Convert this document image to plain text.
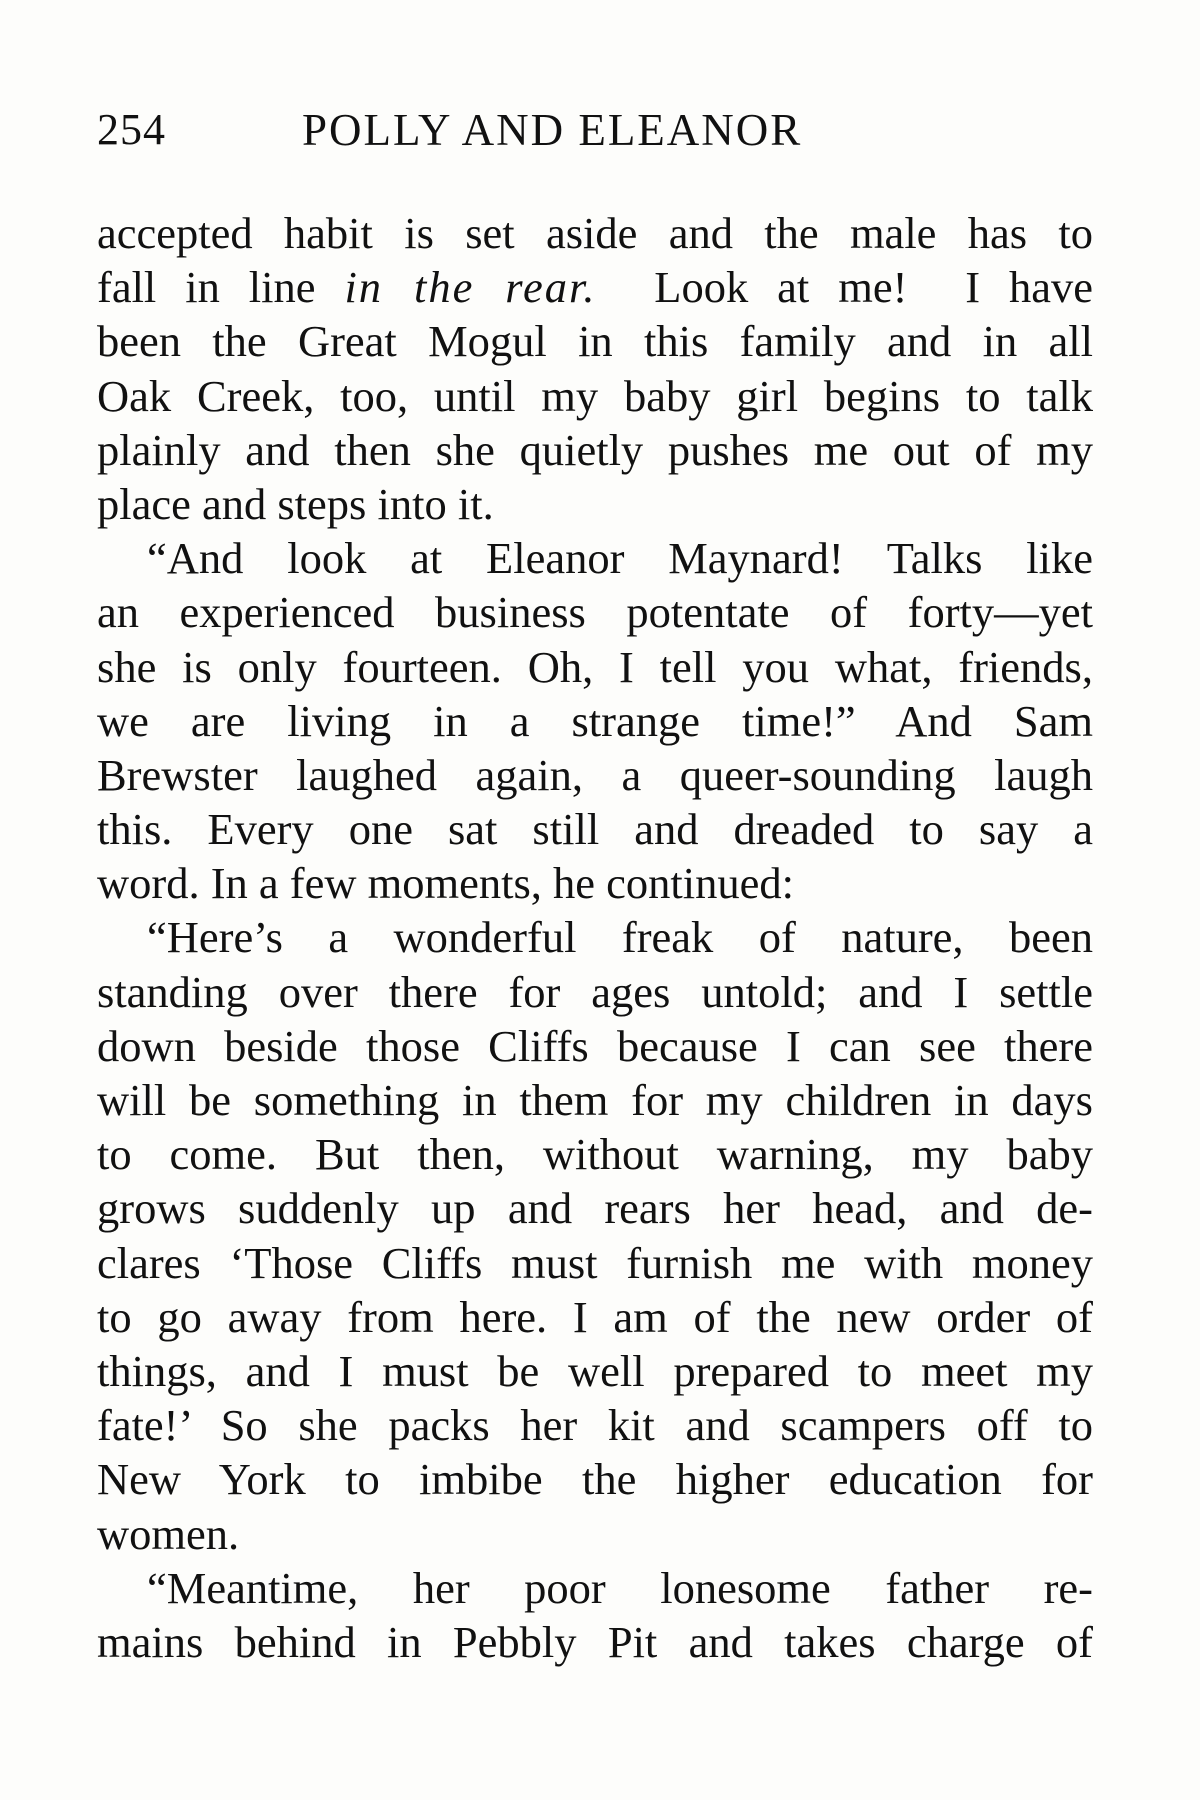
254	POLLY AND ELEANOR
accepted habit is set aside and the male has to
fall in line in the rear.  Look at me!  I have
been the Great Mogul in this family and in all
Oak Creek, too, until my baby girl begins to talk
plainly and then she quietly pushes me out of my
place and steps into it.
“And look at Eleanor Maynard! Talks like
an experienced business potentate of forty—yet
she is only fourteen. Oh, I tell you what, friends,
we are living in a strange time!” And Sam
Brewster laughed again, a queer-sounding laugh
this. Every one sat still and dreaded to say a
word. In a few moments, he continued:
“Here’s a wonderful freak of nature, been
standing over there for ages untold; and I settle
down beside those Cliffs because I can see there
will be something in them for my children in days
to come. But then, without warning, my baby
grows suddenly up and rears her head, and de-
clares ‘Those Cliffs must furnish me with money
to go away from here. I am of the new order of
things, and I must be well prepared to meet my
fate!’ So she packs her kit and scampers off to
New York to imbibe the higher education for
women.
“Meantime, her poor lonesome father re-
mains behind in Pebbly Pit and takes charge of
